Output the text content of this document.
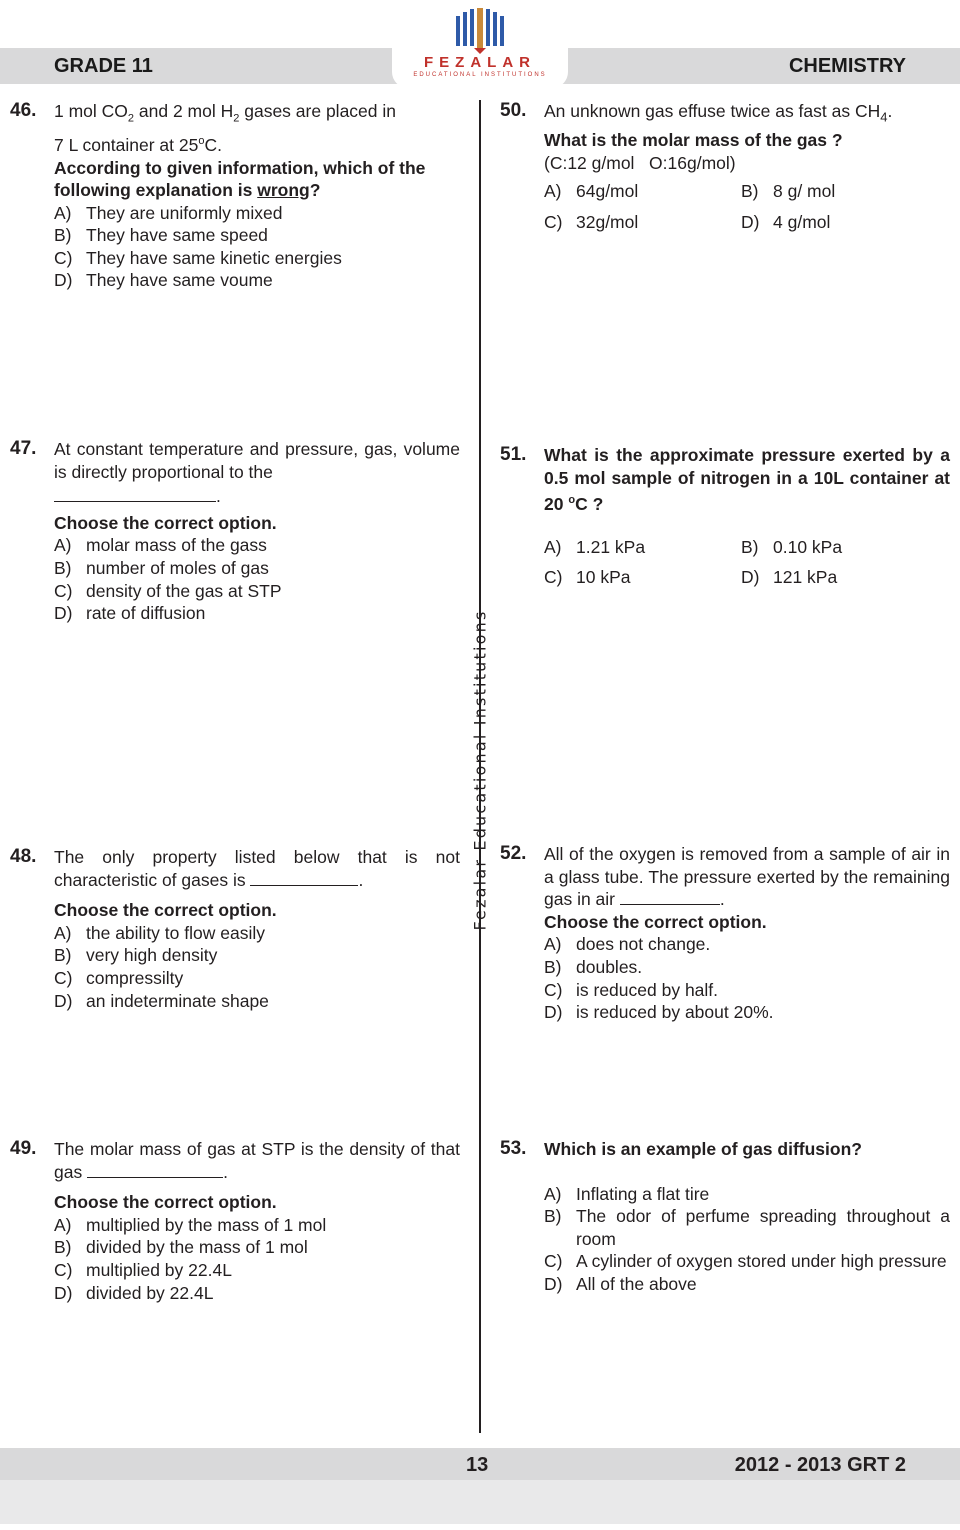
GRADE 11	CHEMISTRY
FEZALAR
EDUCATIONAL INSTITUTIONS
Fezalar Educational Institutions
46. 1 mol $CO_2$ and 2 mol $H_2$ gases are placed in
7 L container at 25$^o$C.
According to given information, which of the following explanation is wrong?
A) They are uniformly mixed
B) They have same speed
C) They have same kinetic energies
D) They have same voume
47. At constant temperature and pressure, gas, volume is directly proportional to the
.
Choose the correct option.
A) molar mass of the gass
B) number of moles of gas
C) density of the gas at STP
D) rate of diffusion
48. The only property listed below that is not characteristic of gases is	.
Choose the correct option.
A) the ability to flow easily
B) very high density
C) compressilty
D) an indeterminate shape
49. The molar mass of gas at STP is the density of that gas	.
Choose the correct option.
A) multiplied by the mass of 1 mol
B) divided by the mass of 1 mol
C) multiplied by 22.4L
D) divided by 22.4L
50. An unknown gas effuse twice as fast as $CH_4$.
What is the molar mass of the gas ?
(C:12 g/mol   O:16g/mol)
A) 64g/mol	B) 8 g/ mol
C) 32g/mol	D) 4 g/mol
51. What is the approximate pressure exerted by a 0.5 mol sample of nitrogen in a 10L container at 20 $^o$C ?
A) 1.21 kPa	B) 0.10 kPa
C) 10 kPa	D) 121 kPa
52. All of the oxygen is removed from a sample of air in a glass tube. The pressure exerted by the remaining gas in air	.
Choose the correct option.
A) does not change.
B) doubles.
C) is reduced by half.
D) is reduced by about 20%.
53. Which is an example of gas diffusion?
A) Inflating a flat tire
B) The odor of perfume spreading throughout a room
C) A cylinder of oxygen stored under high pressure
D) All of the above
13	2012 - 2013 GRT 2
